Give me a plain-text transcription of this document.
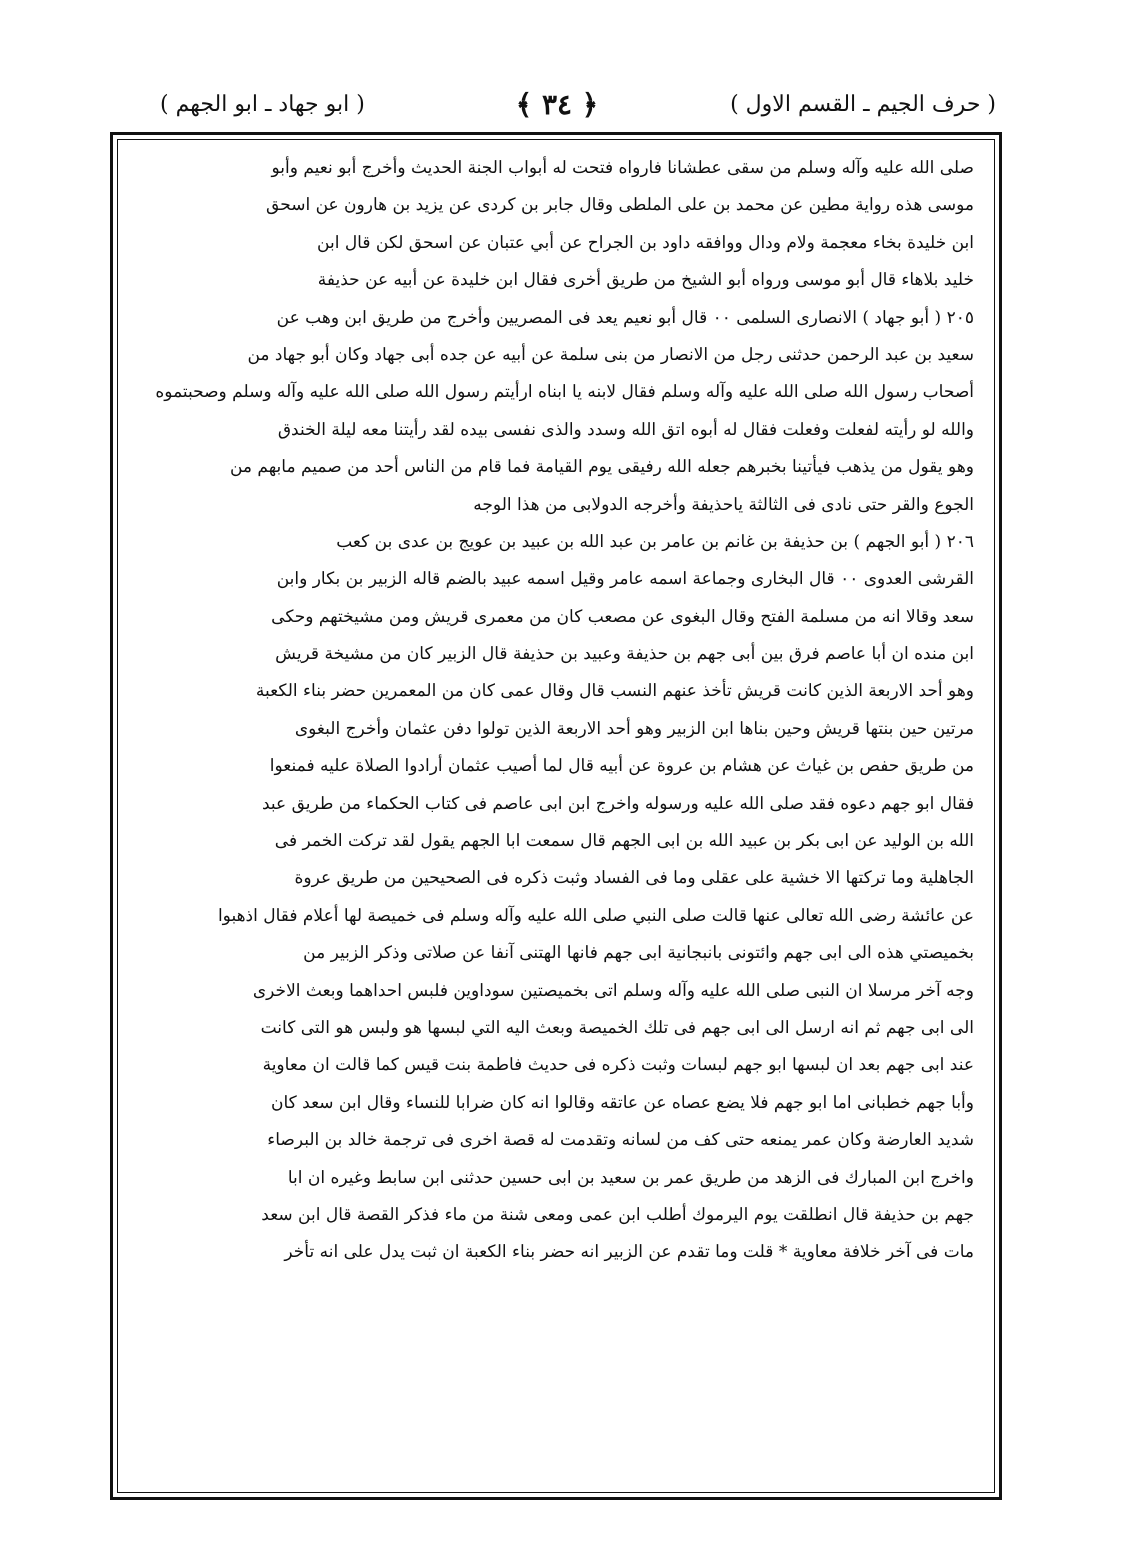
( حرف الجيم ـ القسم الاول )
﴿ ٣٤ ﴾
( ابو جهاد ـ ابو الجهم )
صلى الله عليه وآله وسلم من سقى عطشانا فارواه فتحت له أبواب الجنة الحديث وأخرج أبو نعيم وأبو
موسى هذه رواية مطين عن محمد بن على الملطى وقال جابر بن كردى عن يزيد بن هارون عن اسحق
ابن خليدة بخاء معجمة ولام ودال ووافقه داود بن الجراح عن أبي عتبان عن اسحق لكن قال ابن
خليد بلاهاء قال أبو موسى ورواه أبو الشيخ من طريق أخرى فقال ابن خليدة عن أبيه عن حذيفة
٢٠٥ ( أبو جهاد ) الانصارى السلمى ٠٠ قال أبو نعيم يعد فى المصريين وأخرج من طريق ابن وهب عن
سعيد بن عبد الرحمن حدثنى رجل من الانصار من بنى سلمة عن أبيه عن جده أبى جهاد وكان أبو جهاد من
أصحاب رسول الله صلى الله عليه وآله وسلم فقال لابنه يا ابناه ارأيتم رسول الله صلى الله عليه وآله وسلم وصحبتموه
والله لو رأيته لفعلت وفعلت فقال له أبوه اتق الله وسدد والذى نفسى بيده لقد رأيتنا معه ليلة الخندق
وهو يقول من يذهب فيأتينا بخبرهم جعله الله رفيقى يوم القيامة فما قام من الناس أحد من صميم مابهم من
الجوع والقر حتى نادى فى الثالثة ياحذيفة وأخرجه الدولابى من هذا الوجه
٢٠٦ ( أبو الجهم ) بن حذيفة بن غانم بن عامر بن عبد الله بن عبيد بن عويج بن عدى بن كعب
القرشى العدوى ٠٠ قال البخارى وجماعة اسمه عامر وقيل اسمه عبيد بالضم قاله الزبير بن بكار وابن
سعد وقالا انه من مسلمة الفتح وقال البغوى عن مصعب كان من معمرى قريش ومن مشيختهم وحكى
ابن منده ان أبا عاصم فرق بين أبى جهم بن حذيفة وعبيد بن حذيفة قال الزبير كان من مشيخة قريش
وهو أحد الاربعة الذين كانت قريش تأخذ عنهم النسب قال وقال عمى كان من المعمرين حضر بناء الكعبة
مرتين حين بنتها قريش وحين بناها ابن الزبير وهو أحد الاربعة الذين تولوا دفن عثمان وأخرج البغوى
من طريق حفص بن غياث عن هشام بن عروة عن أبيه قال لما أصيب عثمان أرادوا الصلاة عليه فمنعوا
فقال ابو جهم دعوه فقد صلى الله عليه ورسوله واخرج ابن ابى عاصم فى كتاب الحكماء من طريق عبد
الله بن الوليد عن ابى بكر بن عبيد الله بن ابى الجهم قال سمعت ابا الجهم يقول لقد تركت الخمر فى
الجاهلية وما تركتها الا خشية على عقلى وما فى الفساد وثبت ذكره فى الصحيحين من طريق عروة
عن عائشة رضى الله تعالى عنها قالت صلى النبي صلى الله عليه وآله وسلم فى خميصة لها أعلام فقال اذهبوا
بخميصتي هذه الى ابى جهم وائتونى بانبجانية ابى جهم فانها الهتنى آنفا عن صلاتى وذكر الزبير من
وجه آخر مرسلا ان النبى صلى الله عليه وآله وسلم اتى بخميصتين سوداوين فلبس احداهما وبعث الاخرى
الى ابى جهم ثم انه ارسل الى ابى جهم فى تلك الخميصة وبعث اليه التي لبسها هو ولبس هو التى كانت
عند ابى جهم بعد ان لبسها ابو جهم لبسات وثبت ذكره فى حديث فاطمة بنت قيس كما قالت ان معاوية
وأبا جهم خطبانى اما ابو جهم فلا يضع عصاه عن عاتقه وقالوا انه كان ضرابا للنساء وقال ابن سعد كان
شديد العارضة وكان عمر يمنعه حتى كف من لسانه وتقدمت له قصة اخرى فى ترجمة خالد بن البرصاء
واخرج ابن المبارك فى الزهد من طريق عمر بن سعيد بن ابى حسين حدثنى ابن سابط وغيره ان ابا
جهم بن حذيفة قال انطلقت يوم اليرموك أطلب ابن عمى ومعى شنة من ماء فذكر القصة قال ابن سعد
مات فى آخر خلافة معاوية * قلت وما تقدم عن الزبير انه حضر بناء الكعبة ان ثبت يدل على انه تأخر
